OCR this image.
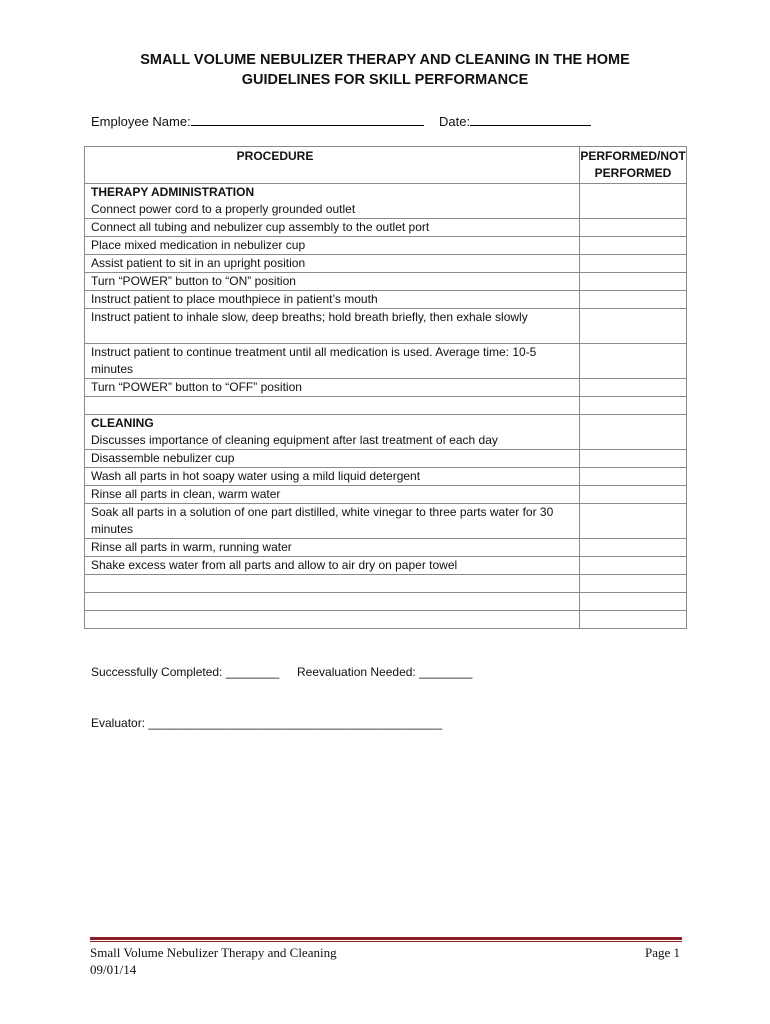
SMALL VOLUME NEBULIZER THERAPY AND CLEANING IN THE HOME
GUIDELINES FOR SKILL PERFORMANCE
Employee Name:	Date:
PROCEDURE	PERFORMED/NOT PERFORMED

THERAPY ADMINISTRATION
Connect power cord to a properly grounded outlet	
Connect all tubing and nebulizer cup assembly to the outlet port	
Place mixed medication in nebulizer cup	
Assist patient to sit in an upright position	
Turn “POWER” button to “ON” position	
Instruct patient to place mouthpiece in patient’s mouth	
Instruct patient to inhale slow, deep breaths; hold breath briefly, then exhale slowly	
Instruct patient to continue treatment until all medication is used. Average time: 10-5 minutes	
Turn “POWER” button to “OFF” position	

CLEANING
Discusses importance of cleaning equipment after last treatment of each day	
Disassemble nebulizer cup	
Wash all parts in hot soapy water using a mild liquid detergent	
Rinse all parts in clean, warm water	
Soak all parts in a solution of one part distilled, white vinegar to three parts water for 30 minutes	
Rinse all parts in warm, running water	
Shake excess water from all parts and allow to air dry on paper towel	

Successfully Completed: ________ Reevaluation Needed: ________
Evaluator: ____________________________________________
Small Volume Nebulizer Therapy and Cleaning
09/01/14
Page 1
